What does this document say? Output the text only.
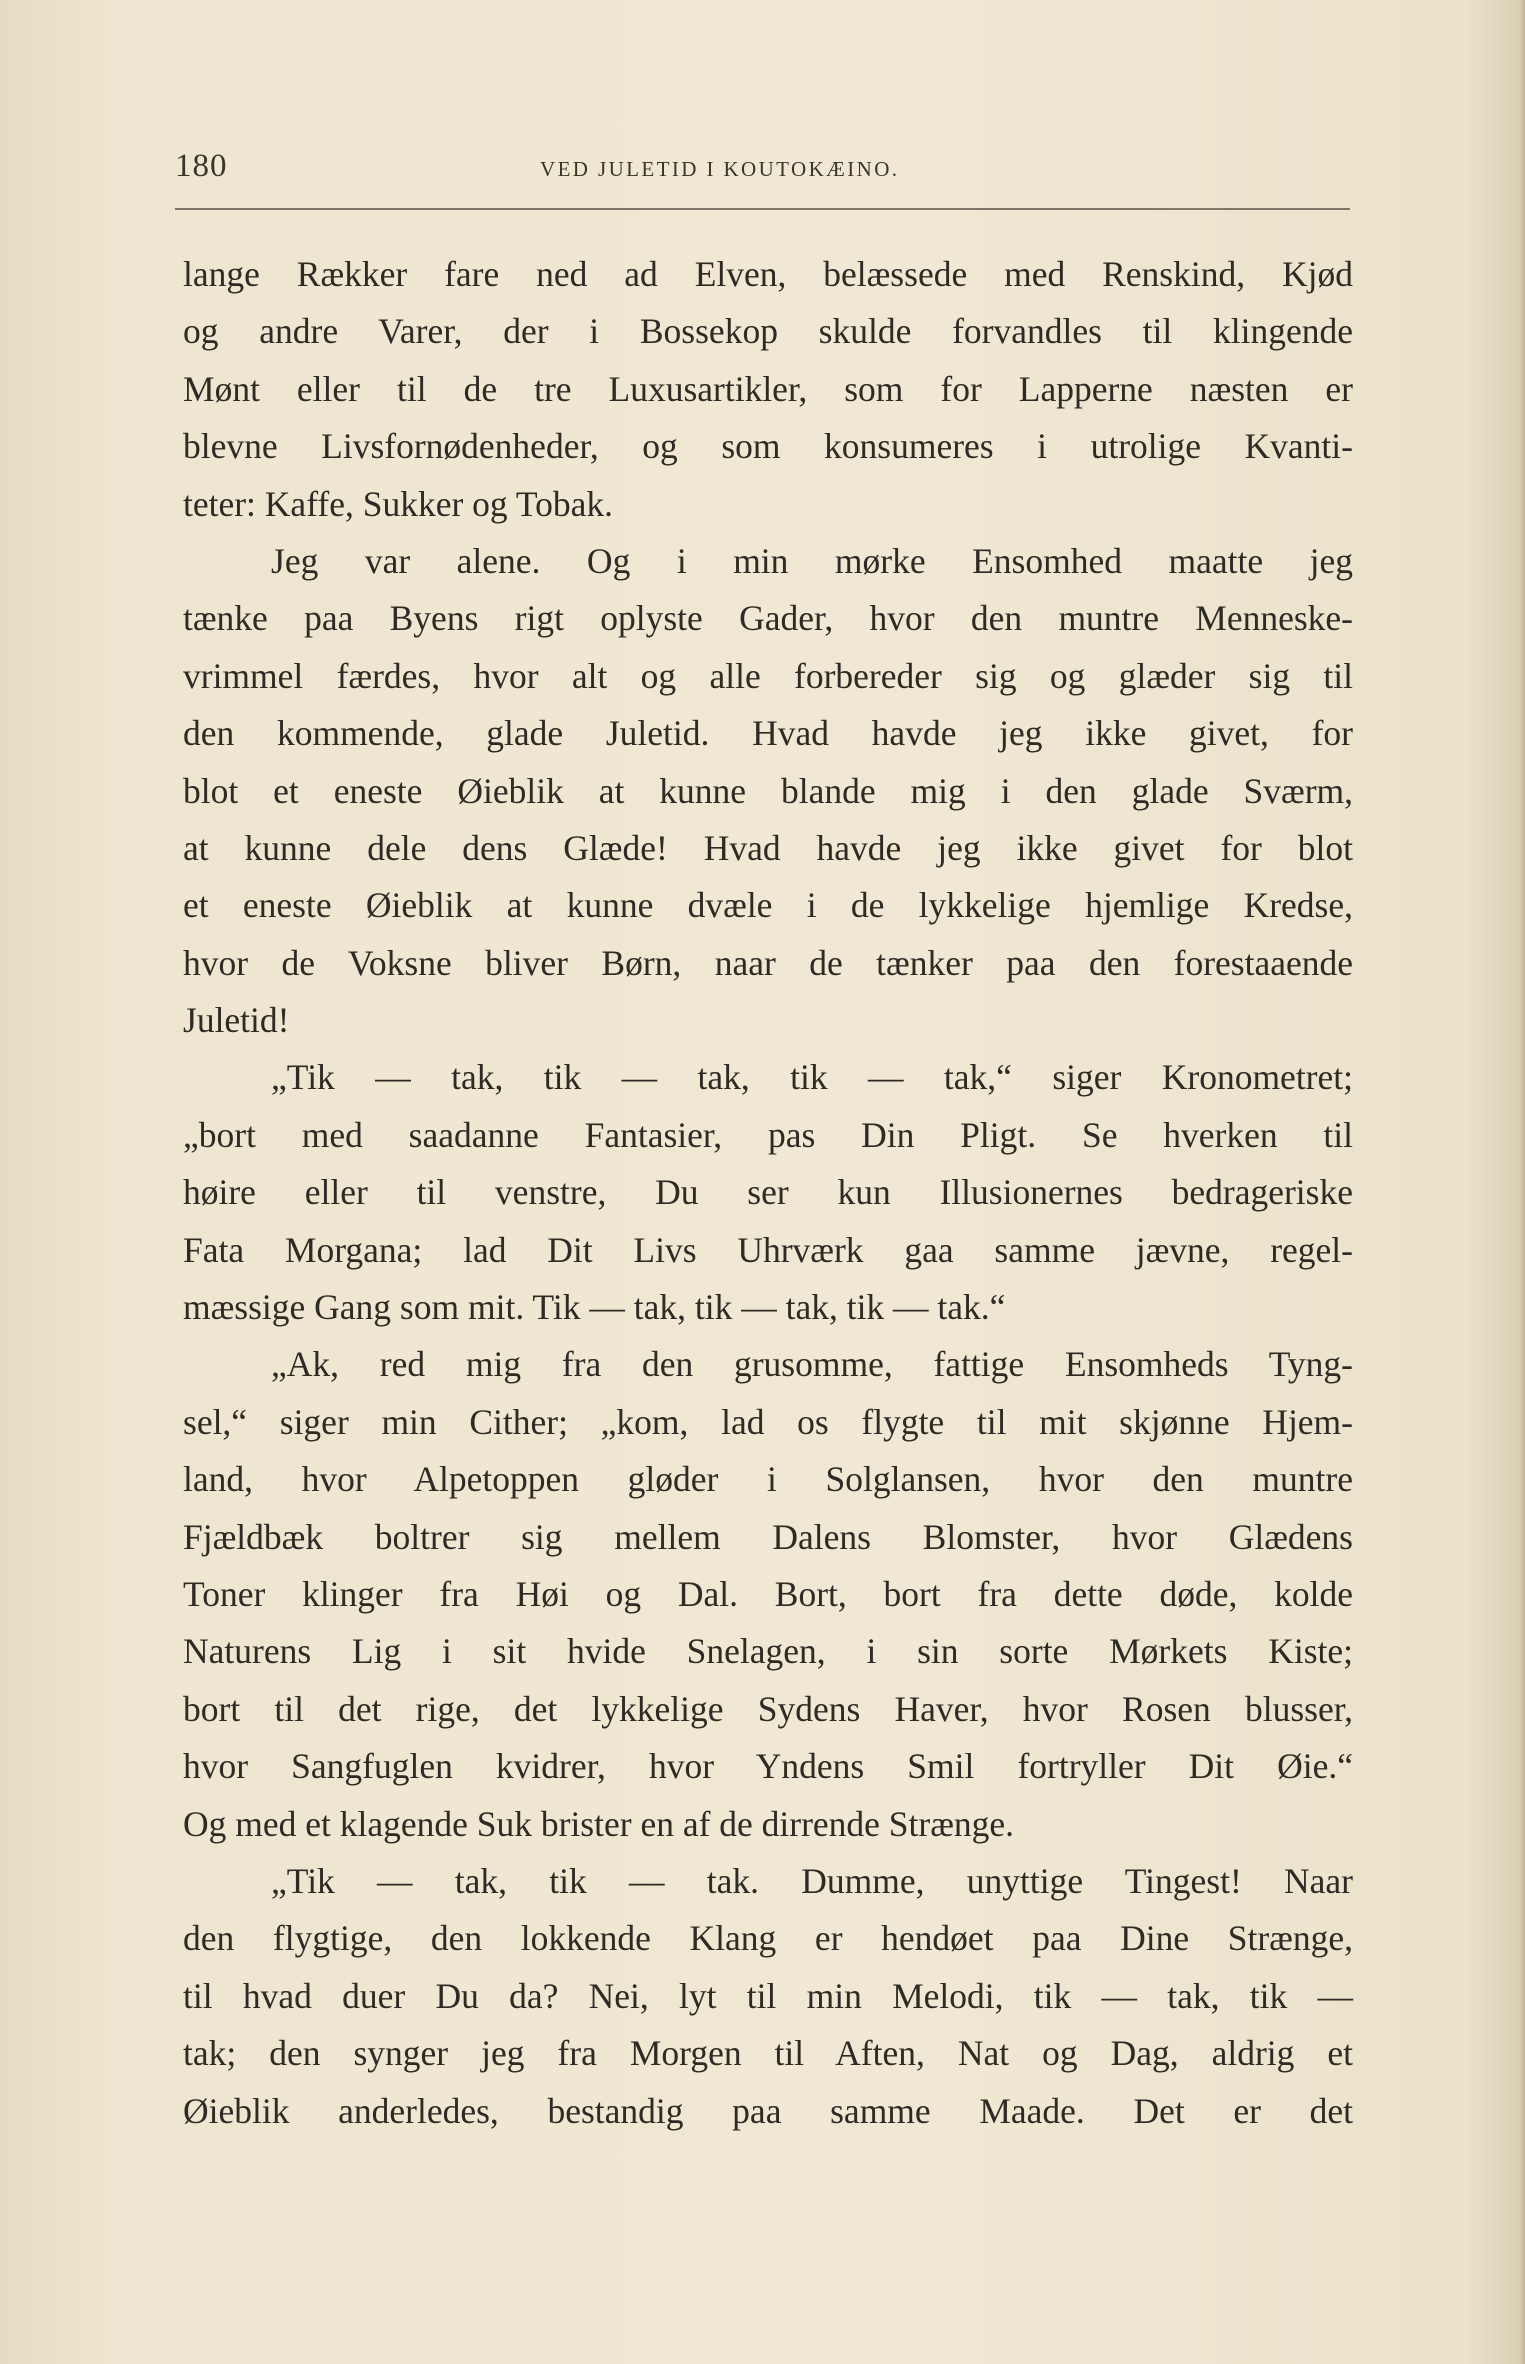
180	VED JULETID I KOUTOKÆINO.
lange Rækker fare ned ad Elven, belæssede med Renskind, Kjød
og andre Varer, der i Bossekop skulde forvandles til klingende
Mønt eller til de tre Luxusartikler, som for Lapperne næsten er
blevne Livsfornødenheder, og som konsumeres i utrolige Kvanti-
teter: Kaffe, Sukker og Tobak.
Jeg var alene. Og i min mørke Ensomhed maatte jeg
tænke paa Byens rigt oplyste Gader, hvor den muntre Menneske-
vrimmel færdes, hvor alt og alle forbereder sig og glæder sig til
den kommende, glade Juletid. Hvad havde jeg ikke givet, for
blot et eneste Øieblik at kunne blande mig i den glade Sværm,
at kunne dele dens Glæde! Hvad havde jeg ikke givet for blot
et eneste Øieblik at kunne dvæle i de lykkelige hjemlige Kredse,
hvor de Voksne bliver Børn, naar de tænker paa den forestaaende
Juletid!
„Tik — tak, tik — tak, tik — tak,“ siger Kronometret;
„bort med saadanne Fantasier, pas Din Pligt. Se hverken til
høire eller til venstre, Du ser kun Illusionernes bedrageriske
Fata Morgana; lad Dit Livs Uhrværk gaa samme jævne, regel-
mæssige Gang som mit. Tik — tak, tik — tak, tik — tak.“
„Ak, red mig fra den grusomme, fattige Ensomheds Tyng-
sel,“ siger min Cither; „kom, lad os flygte til mit skjønne Hjem-
land, hvor Alpetoppen gløder i Solglansen, hvor den muntre
Fjældbæk boltrer sig mellem Dalens Blomster, hvor Glædens
Toner klinger fra Høi og Dal. Bort, bort fra dette døde, kolde
Naturens Lig i sit hvide Snelagen, i sin sorte Mørkets Kiste;
bort til det rige, det lykkelige Sydens Haver, hvor Rosen blusser,
hvor Sangfuglen kvidrer, hvor Yndens Smil fortryller Dit Øie.“
Og med et klagende Suk brister en af de dirrende Strænge.
„Tik — tak, tik — tak. Dumme, unyttige Tingest! Naar
den flygtige, den lokkende Klang er hendøet paa Dine Strænge,
til hvad duer Du da? Nei, lyt til min Melodi, tik — tak, tik —
tak; den synger jeg fra Morgen til Aften, Nat og Dag, aldrig et
Øieblik anderledes, bestandig paa samme Maade. Det er det
